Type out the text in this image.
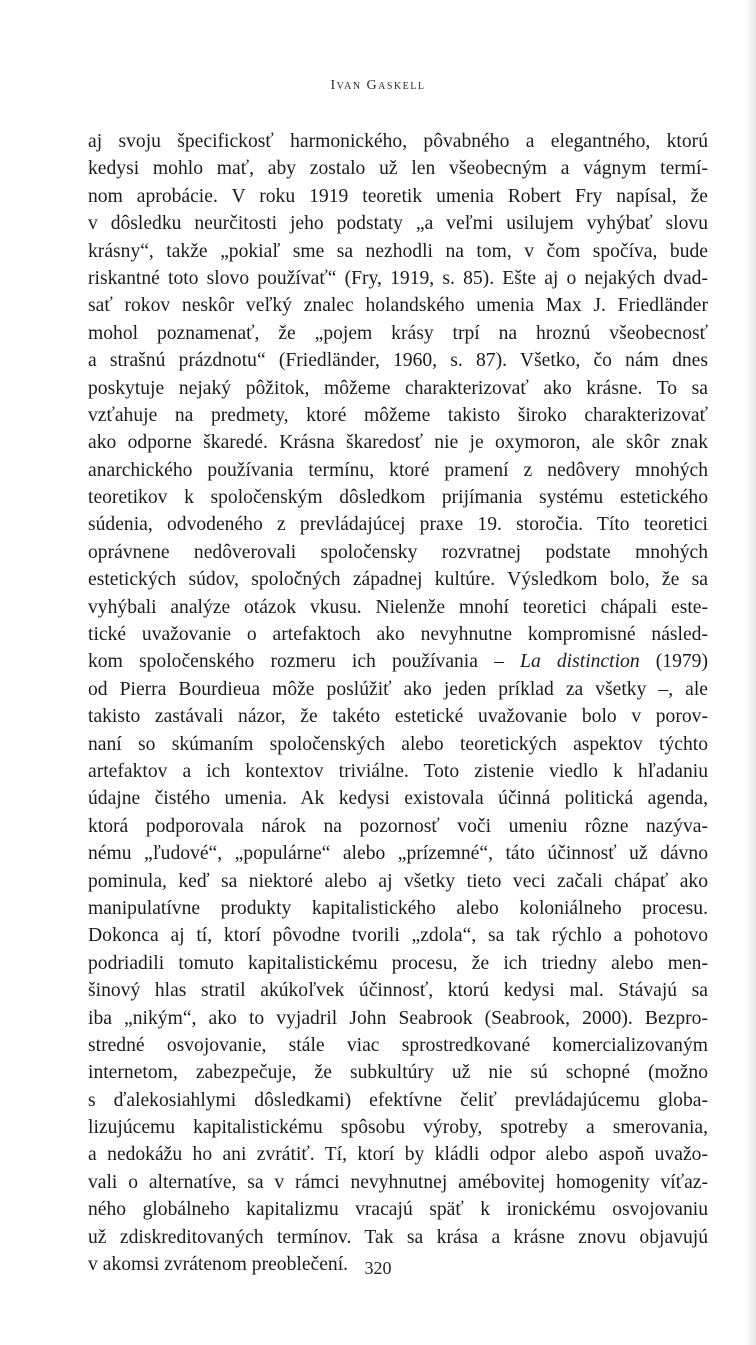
Ivan Gaskell
aj svoju špecifickosť harmonického, pôvabného a elegantného, ktorú
kedysi mohlo mať, aby zostalo už len všeobecným a vágnym termí-
nom aprobácie. V roku 1919 teoretik umenia Robert Fry napísal, že
v dôsledku neurčitosti jeho podstaty „a veľmi usilujem vyhýbať slovu
krásny“, takže „pokiaľ sme sa nezhodli na tom, v čom spočíva, bude
riskantné toto slovo používať“ (Fry, 1919, s. 85). Ešte aj o nejakých dvad-
sať rokov neskôr veľký znalec holandského umenia Max J. Friedländer
mohol poznamenať, že „pojem krásy trpí na hroznú všeobecnosť
a strašnú prázdnotu“ (Friedländer, 1960, s. 87). Všetko, čo nám dnes
poskytuje nejaký pôžitok, môžeme charakterizovať ako krásne. To sa
vzťahuje na predmety, ktoré môžeme takisto široko charakterizovať
ako odporne škaredé. Krásna škaredosť nie je oxymoron, ale skôr znak
anarchického používania termínu, ktoré pramení z nedôvery mnohých
teoretikov k spoločenským dôsledkom prijímania systému estetického
súdenia, odvodeného z prevládajúcej praxe 19. storočia. Títo teoretici
oprávnene nedôverovali spoločensky rozvratnej podstate mnohých
estetických súdov, spoločných západnej kultúre. Výsledkom bolo, že sa
vyhýbali analýze otázok vkusu. Nielenže mnohí teoretici chápali este-
tické uvažovanie o artefaktoch ako nevyhnutne kompromisné násled-
kom spoločenského rozmeru ich používania – La distinction (1979)
od Pierra Bourdieua môže poslúžiť ako jeden príklad za všetky –, ale
takisto zastávali názor, že takéto estetické uvažovanie bolo v porov-
naní so skúmaním spoločenských alebo teoretických aspektov týchto
artefaktov a ich kontextov triviálne. Toto zistenie viedlo k hľadaniu
údajne čistého umenia. Ak kedysi existovala účinná politická agenda,
ktorá podporovala nárok na pozornosť voči umeniu rôzne nazýva-
nému „ľudové“, „populárne“ alebo „prízemné“, táto účinnosť už dávno
pominula, keď sa niektoré alebo aj všetky tieto veci začali chápať ako
manipulatívne produkty kapitalistického alebo koloniálneho procesu.
Dokonca aj tí, ktorí pôvodne tvorili „zdola“, sa tak rýchlo a pohotovo
podriadili tomuto kapitalistickému procesu, že ich triedny alebo men-
šinový hlas stratil akúkoľvek účinnosť, ktorú kedysi mal. Stávajú sa
iba „nikým“, ako to vyjadril John Seabrook (Seabrook, 2000). Bezpro-
stredné osvojovanie, stále viac sprostredkované komercializovaným
internetom, zabezpečuje, že subkultúry už nie sú schopné (možno
s ďalekosiahlymi dôsledkami) efektívne čeliť prevládajúcemu globa-
lizujúcemu kapitalistickému spôsobu výroby, spotreby a smerovania,
a nedokážu ho ani zvrátiť. Tí, ktorí by kládli odpor alebo aspoň uvažo-
vali o alternatíve, sa v rámci nevyhnutnej amébovitej homogenity víťaz-
ného globálneho kapitalizmu vracajú späť k ironickému osvojovaniu
už zdiskreditovaných termínov. Tak sa krása a krásne znovu objavujú
v akomsi zvrátenom preoblečení. 320
